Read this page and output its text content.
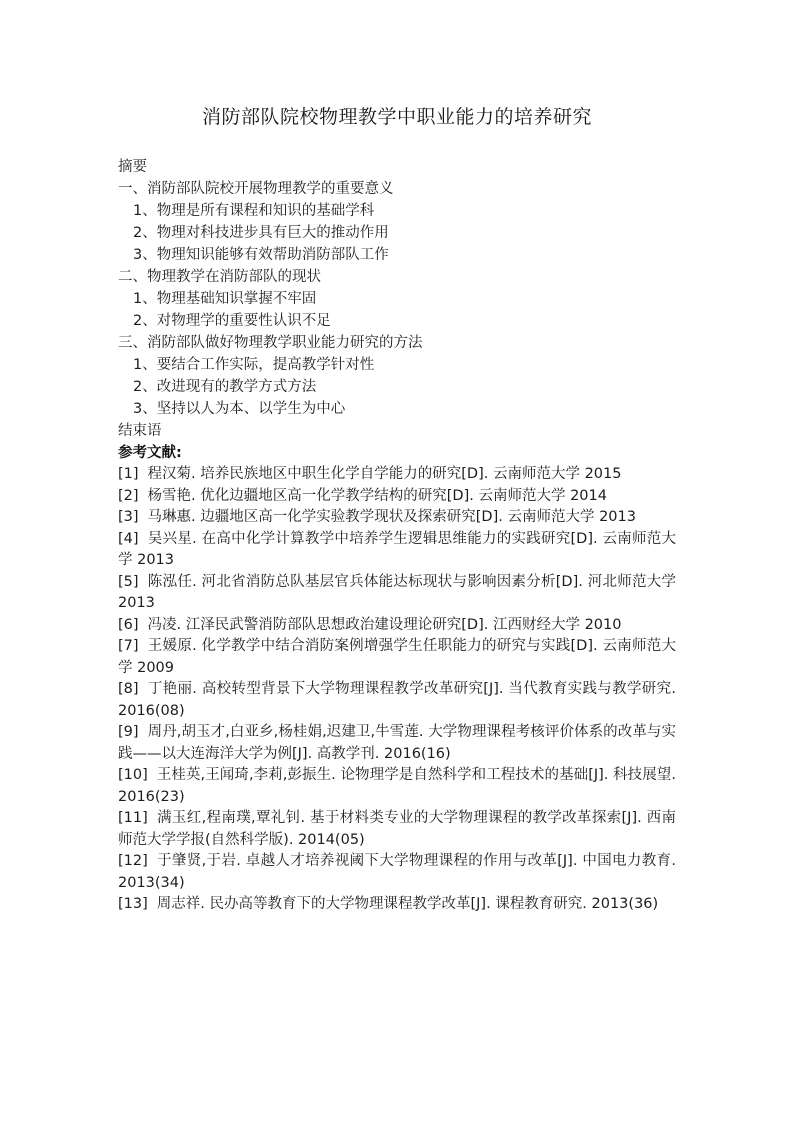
消防部队院校物理教学中职业能力的培养研究

摘要

一、消防部队院校开展物理教学的重要意义

1、物理是所有课程和知识的基础学科

2、物理对科技进步具有巨大的推动作用

3、物理知识能够有效帮助消防部队工作

二、物理教学在消防部队的现状

1、物理基础知识掌握不牢固

2、对物理学的重要性认识不足

三、消防部队做好物理教学职业能力研究的方法

1、要结合工作实际，提高教学针对性

2、改进现有的教学方式方法

3、坚持以人为本、以学生为中心

结束语

参考文献:

[1] 程汉菊. 培养民族地区中职生化学自学能力的研究[D]. 云南师范大学 2015

[2] 杨雪艳. 优化边疆地区高一化学教学结构的研究[D]. 云南师范大学 2014

[3] 马琳惠. 边疆地区高一化学实验教学现状及探索研究[D]. 云南师范大学 2013

[4] 吴兴星. 在高中化学计算教学中培养学生逻辑思维能力的实践研究[D]. 云南师范大学 2013

[5] 陈泓任. 河北省消防总队基层官兵体能达标现状与影响因素分析[D]. 河北师范大学 2013

[6] 冯凌. 江泽民武警消防部队思想政治建设理论研究[D]. 江西财经大学 2010

[7] 王媛原. 化学教学中结合消防案例增强学生任职能力的研究与实践[D]. 云南师范大学 2009

[8] 丁艳丽. 高校转型背景下大学物理课程教学改革研究[J]. 当代教育实践与教学研究. 2016(08)

[9] 周丹,胡玉才,白亚乡,杨桂娟,迟建卫,牛雪莲. 大学物理课程考核评价体系的改革与实践——以大连海洋大学为例[J]. 高教学刊. 2016(16)

[10] 王桂英,王闻琦,李莉,彭振生. 论物理学是自然科学和工程技术的基础[J]. 科技展望. 2016(23)

[11] 满玉红,程南璞,覃礼钊. 基于材料类专业的大学物理课程的教学改革探索[J]. 西南师范大学学报(自然科学版). 2014(05)

[12] 于肇贤,于岩. 卓越人才培养视阈下大学物理课程的作用与改革[J]. 中国电力教育. 2013(34)

[13] 周志祥. 民办高等教育下的大学物理课程教学改革[J]. 课程教育研究. 2013(36)
